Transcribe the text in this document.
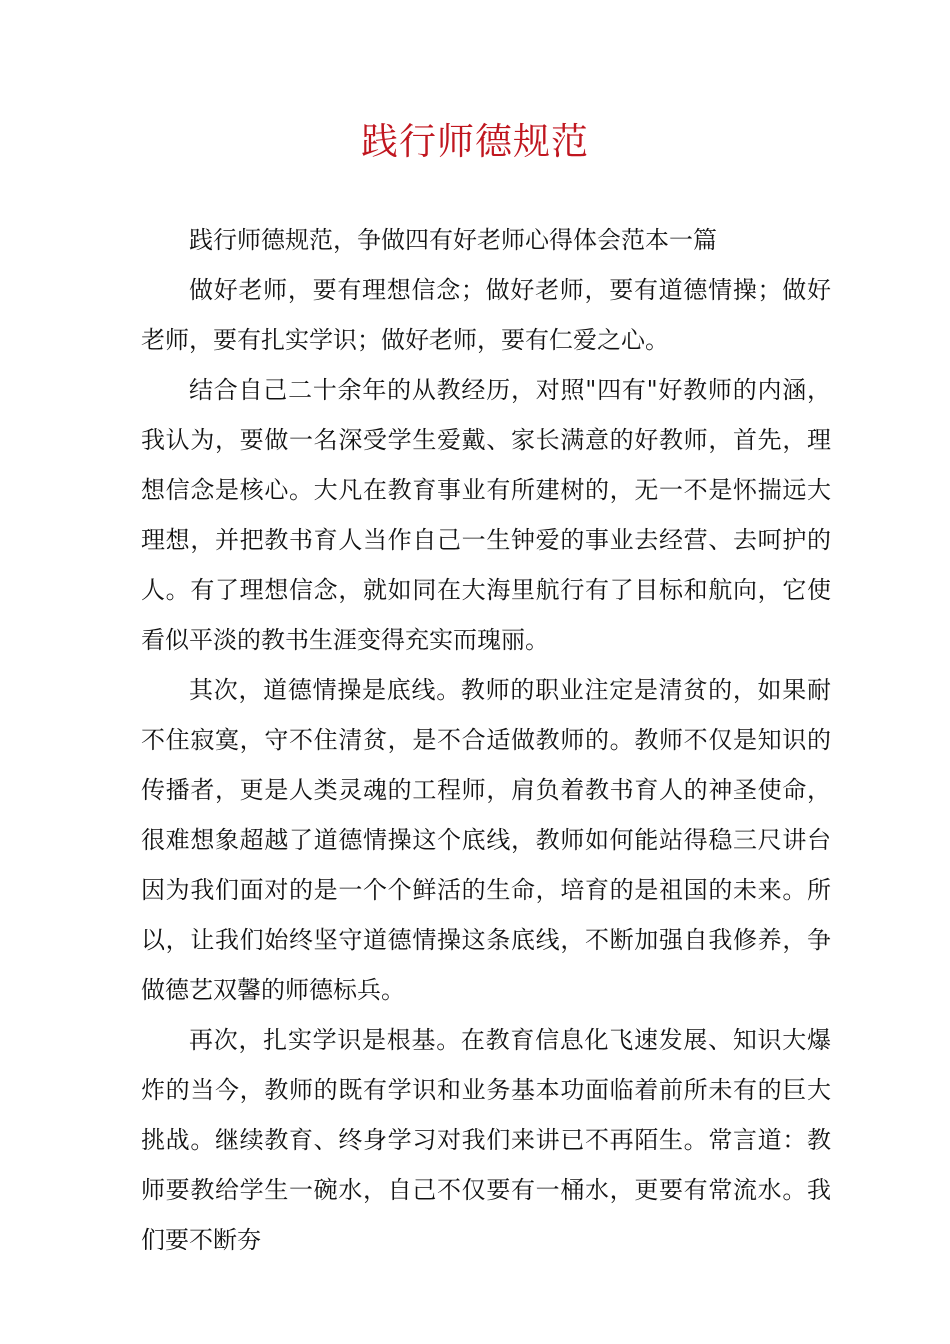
践行师德规范

践行师德规范，争做四有好老师心得体会范本一篇

做好老师，要有理想信念；做好老师，要有道德情操；做好老师，要有扎实学识；做好老师，要有仁爱之心。

结合自己二十余年的从教经历，对照"四有"好教师的内涵，我认为，要做一名深受学生爱戴、家长满意的好教师，首先，理想信念是核心。大凡在教育事业有所建树的，无一不是怀揣远大理想，并把教书育人当作自己一生钟爱的事业去经营、去呵护的人。有了理想信念，就如同在大海里航行有了目标和航向，它使看似平淡的教书生涯变得充实而瑰丽。

其次，道德情操是底线。教师的职业注定是清贫的，如果耐不住寂寞，守不住清贫，是不合适做教师的。教师不仅是知识的传播者，更是人类灵魂的工程师，肩负着教书育人的神圣使命，很难想象超越了道德情操这个底线，教师如何能站得稳三尺讲台因为我们面对的是一个个鲜活的生命，培育的是祖国的未来。所以，让我们始终坚守道德情操这条底线，不断加强自我修养，争做德艺双馨的师德标兵。

再次，扎实学识是根基。在教育信息化飞速发展、知识大爆炸的当今，教师的既有学识和业务基本功面临着前所未有的巨大挑战。继续教育、终身学习对我们来讲已不再陌生。常言道：教师要教给学生一碗水，自己不仅要有一桶水，更要有常流水。我们要不断夯
